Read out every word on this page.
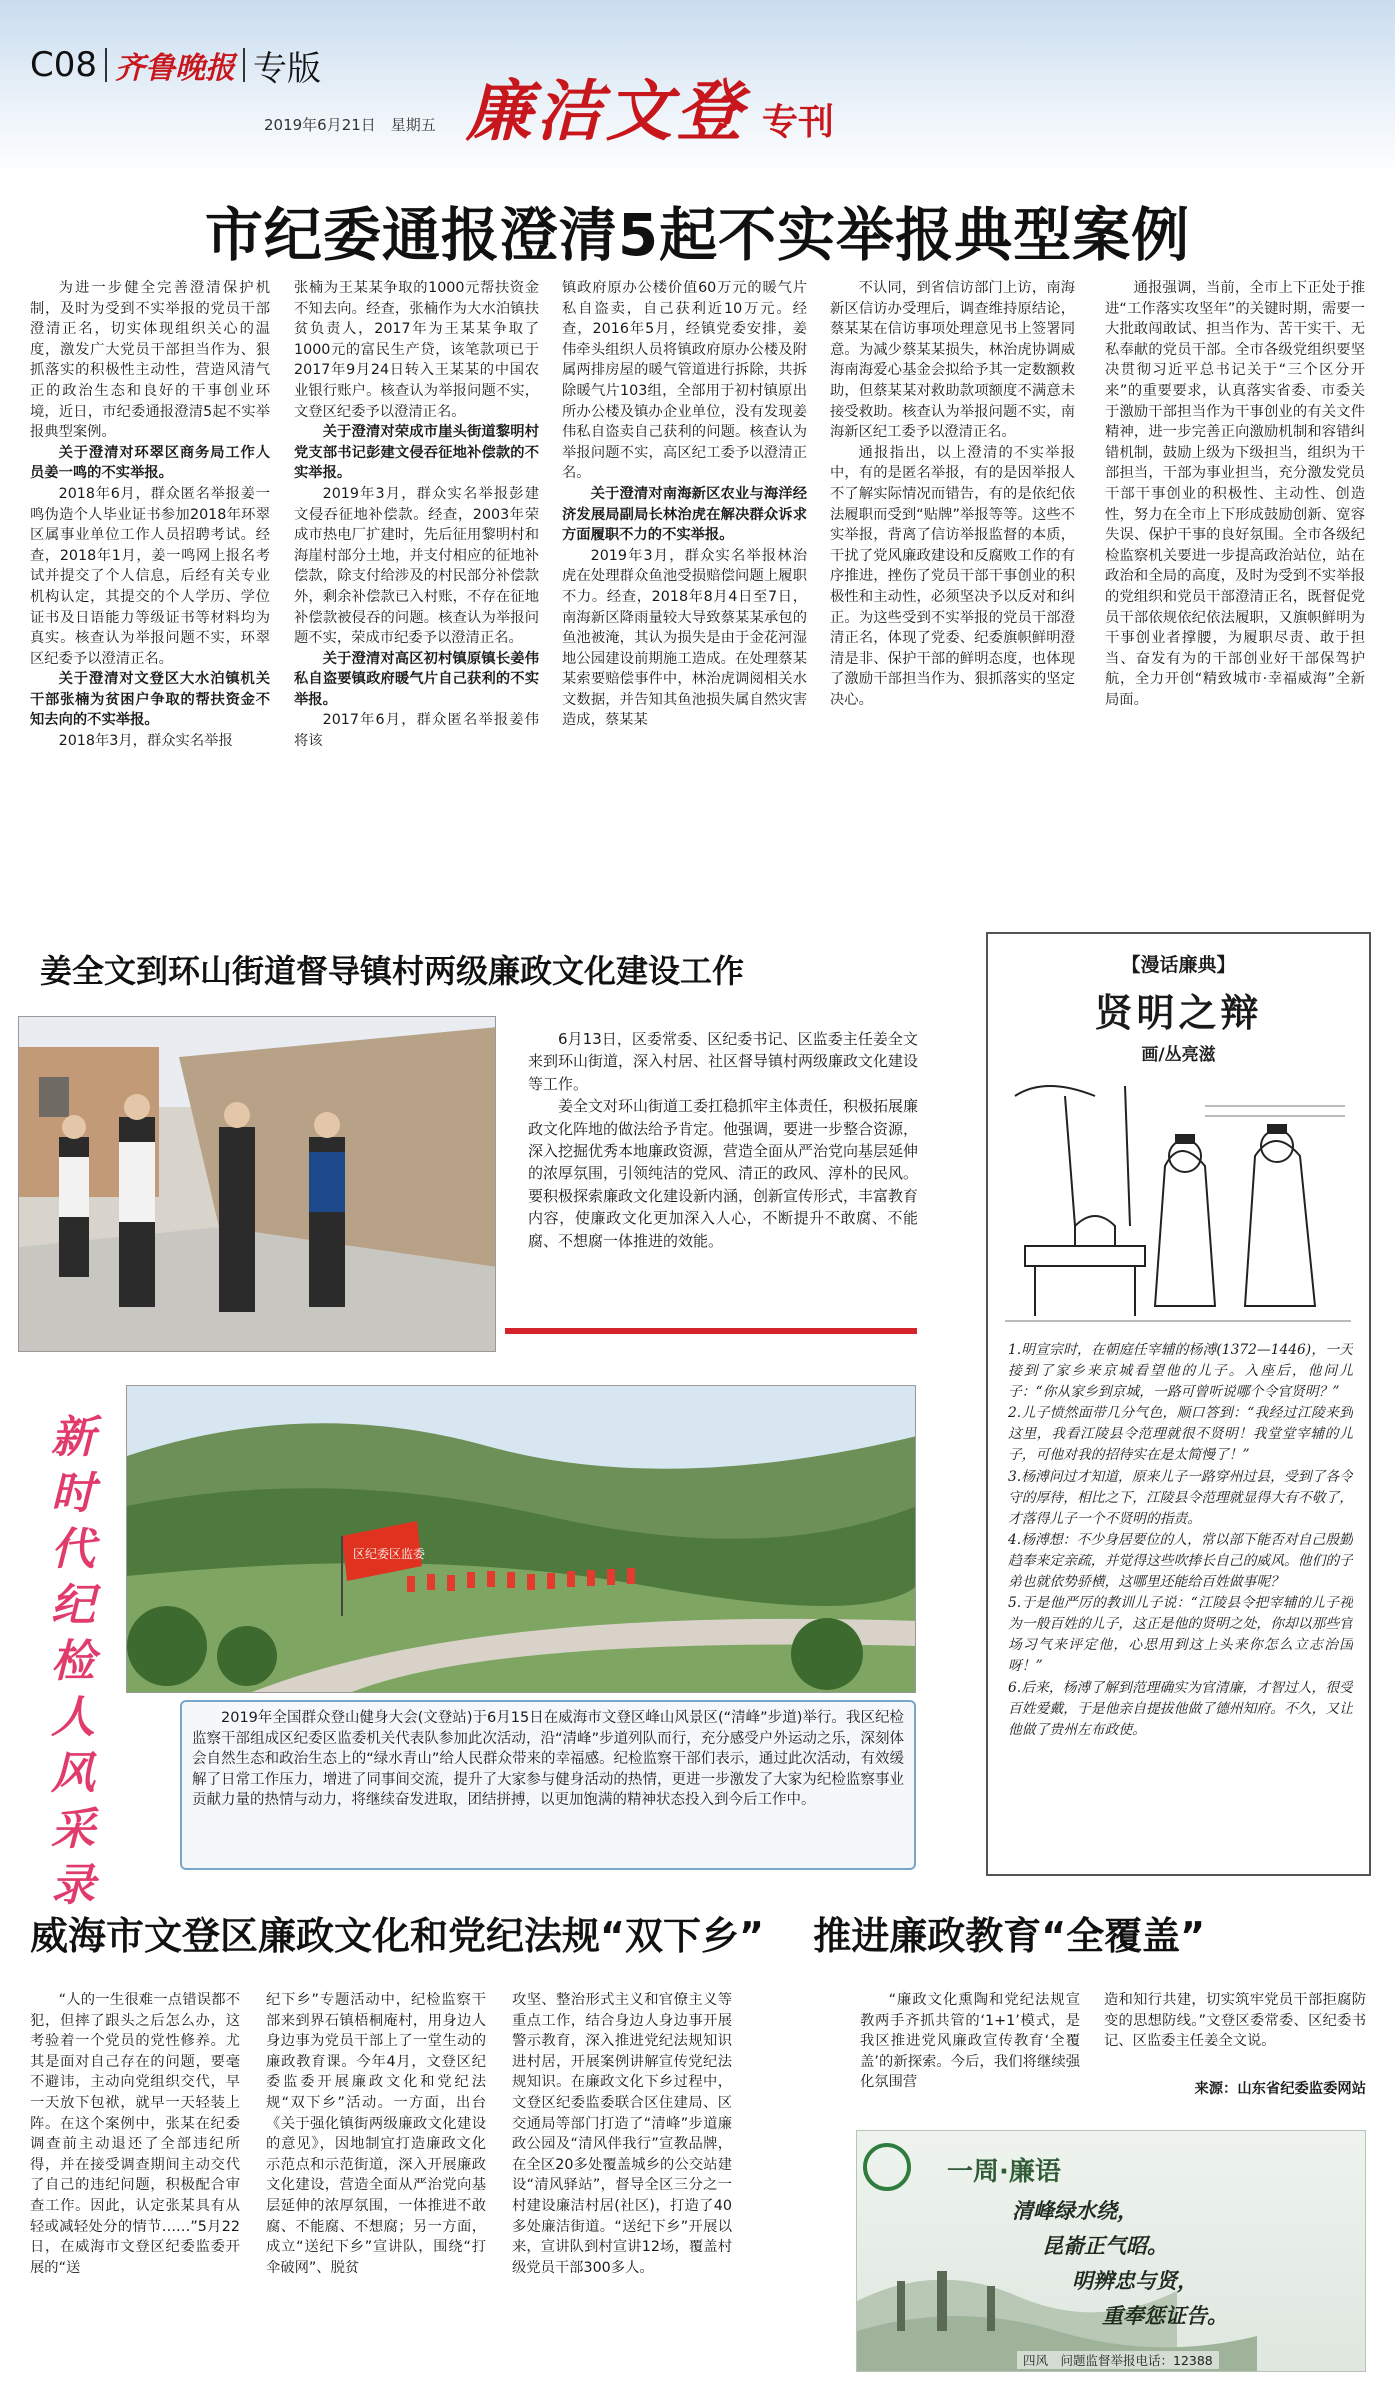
C08 齐鲁晚报 专版
2019年6月21日　星期五 廉洁文登 专刊
市纪委通报澄清5起不实举报典型案例

为进一步健全完善澄清保护机制，及时为受到不实举报的党员干部澄清正名，切实体现组织关心的温度，激发广大党员干部担当作为、狠抓落实的积极性主动性，营造风清气正的政治生态和良好的干事创业环境，近日，市纪委通报澄清5起不实举报典型案例。

关于澄清对环翠区商务局工作人员姜一鸣的不实举报。

2018年6月，群众匿名举报姜一鸣伪造个人毕业证书参加2018年环翠区属事业单位工作人员招聘考试。经查，2018年1月，姜一鸣网上报名考试并提交了个人信息，后经有关专业机构认定，其提交的个人学历、学位证书及日语能力等级证书等材料均为真实。核查认为举报问题不实，环翠区纪委予以澄清正名。

关于澄清对文登区大水泊镇机关干部张楠为贫困户争取的帮扶资金不知去向的不实举报。

2018年3月，群众实名举报

张楠为王某某争取的1000元帮扶资金不知去向。经查，张楠作为大水泊镇扶贫负责人，2017年为王某某争取了1000元的富民生产贷，该笔款项已于2017年9月24日转入王某某的中国农业银行账户。核查认为举报问题不实，文登区纪委予以澄清正名。

关于澄清对荣成市崖头街道黎明村党支部书记彭建文侵吞征地补偿款的不实举报。

2019年3月，群众实名举报彭建文侵吞征地补偿款。经查，2003年荣成市热电厂扩建时，先后征用黎明村和海崖村部分土地，并支付相应的征地补偿款，除支付给涉及的村民部分补偿款外，剩余补偿款已入村账，不存在征地补偿款被侵吞的问题。核查认为举报问题不实，荣成市纪委予以澄清正名。

关于澄清对高区初村镇原镇长姜伟私自盗要镇政府暖气片自己获利的不实举报。

2017年6月，群众匿名举报姜伟将该

镇政府原办公楼价值60万元的暖气片私自盗卖，自己获利近10万元。经查，2016年5月，经镇党委安排，姜伟牵头组织人员将镇政府原办公楼及附属两排房屋的暖气管道进行拆除，共拆除暖气片103组，全部用于初村镇原出所办公楼及镇办企业单位，没有发现姜伟私自盗卖自己获利的问题。核查认为举报问题不实，高区纪工委予以澄清正名。

关于澄清对南海新区农业与海洋经济发展局副局长林治虎在解决群众诉求方面履职不力的不实举报。

2019年3月，群众实名举报林治虎在处理群众鱼池受损赔偿问题上履职不力。经查，2018年8月4日至7日，南海新区降雨量较大导致蔡某某承包的鱼池被淹，其认为损失是由于金花河湿地公园建设前期施工造成。在处理蔡某某索要赔偿事件中，林治虎调阅相关水文数据，并告知其鱼池损失属自然灾害造成，蔡某某

不认同，到省信访部门上访，南海新区信访办受理后，调查维持原结论，蔡某某在信访事项处理意见书上签署同意。为减少蔡某某损失，林治虎协调威海南海爱心基金会拟给予其一定数额救助，但蔡某某对救助款项额度不满意未接受救助。核查认为举报问题不实，南海新区纪工委予以澄清正名。

通报指出，以上澄清的不实举报中，有的是匿名举报，有的是因举报人不了解实际情况而错告，有的是依纪依法履职而受到“贴牌”举报等等。这些不实举报，背离了信访举报监督的本质，干扰了党风廉政建设和反腐败工作的有序推进，挫伤了党员干部干事创业的积极性和主动性，必须坚决予以反对和纠正。为这些受到不实举报的党员干部澄清正名，体现了党委、纪委旗帜鲜明澄清是非、保护干部的鲜明态度，也体现了激励干部担当作为、狠抓落实的坚定决心。

通报强调，当前，全市上下正处于推进“工作落实攻坚年”的关键时期，需要一大批敢闯敢试、担当作为、苦干实干、无私奉献的党员干部。全市各级党组织要坚决贯彻习近平总书记关于“三个区分开来”的重要要求，认真落实省委、市委关于激励干部担当作为干事创业的有关文件精神，进一步完善正向激励机制和容错纠错机制，鼓励上级为下级担当，组织为干部担当，干部为事业担当，充分激发党员干部干事创业的积极性、主动性、创造性，努力在全市上下形成鼓励创新、宽容失误、保护干事的良好氛围。全市各级纪检监察机关要进一步提高政治站位，站在政治和全局的高度，及时为受到不实举报的党组织和党员干部澄清正名，既督促党员干部依规依纪依法履职，又旗帜鲜明为干事创业者撑腰，为履职尽责、敢于担当、奋发有为的干部创业好干部保驾护航，全力开创“精致城市·幸福威海”全新局面。

姜全文到环山街道督导镇村两级廉政文化建设工作

6月13日，区委常委、区纪委书记、区监委主任姜全文来到环山街道，深入村居、社区督导镇村两级廉政文化建设等工作。

姜全文对环山街道工委扛稳抓牢主体责任，积极拓展廉政文化阵地的做法给予肯定。他强调，要进一步整合资源，深入挖掘优秀本地廉政资源，营造全面从严治党向基层延伸的浓厚氛围，引领纯洁的党风、清正的政风、淳朴的民风。要积极探索廉政文化建设新内涵，创新宣传形式，丰富教育内容，使廉政文化更加深入人心，不断提升不敢腐、不能腐、不想腐一体推进的效能。

【漫话廉典】
贤明之辩
画/丛亮滋

1.明宣宗时，在朝庭任宰辅的杨溥(1372—1446)，一天接到了家乡来京城看望他的儿子。入座后，他问儿子：“你从家乡到京城，一路可曾听说哪个令官贤明？”

2.儿子愤然面带几分气色，顺口答到：“我经过江陵来到这里，我看江陵县令范理就很不贤明！我堂堂宰辅的儿子，可他对我的招待实在是太简慢了！”

3.杨溥问过才知道，原来儿子一路穿州过县，受到了各令守的厚待，相比之下，江陵县令范理就显得大有不敬了，才落得儿子一个不贤明的指责。

4.杨溥想：不少身居要位的人，常以部下能否对自己殷勤趋奉来定亲疏，并觉得这些吹捧长自己的威风。他们的子弟也就依势骄横，这哪里还能给百姓做事呢？

5.于是他严厉的教训儿子说：“江陵县令把宰辅的儿子视为一般百姓的儿子，这正是他的贤明之处，你却以那些官场习气来评定他，心思用到这上头来你怎么立志治国呀！”

6.后来，杨溥了解到范理确实为官清廉，才智过人，很受百姓爱戴，于是他亲自提拔他做了德州知府。不久，又让他做了贵州左布政使。

新
时
代
纪
检
人
风
采
录
区纪委区监委

2019年全国群众登山健身大会(文登站)于6月15日在威海市文登区峰山风景区(“清峰”步道)举行。我区纪检监察干部组成区纪委区监委机关代表队参加此次活动，沿“清峰”步道列队而行，充分感受户外运动之乐，深刻体会自然生态和政治生态上的“绿水青山”给人民群众带来的幸福感。纪检监察干部们表示，通过此次活动，有效缓解了日常工作压力，增进了同事间交流，提升了大家参与健身活动的热情，更进一步激发了大家为纪检监察事业贡献力量的热情与动力，将继续奋发进取，团结拼搏，以更加饱满的精神状态投入到今后工作中。

威海市文登区廉政文化和党纪法规“双下乡” 推进廉政教育“全覆盖”

“人的一生很难一点错误都不犯，但摔了跟头之后怎么办，这考验着一个党员的党性修养。尤其是面对自己存在的问题，要毫不避讳，主动向党组织交代，早一天放下包袱，就早一天轻装上阵。在这个案例中，张某在纪委调查前主动退还了全部违纪所得，并在接受调查期间主动交代了自己的违纪问题，积极配合审查工作。因此，认定张某具有从轻或减轻处分的情节……”5月22日，在威海市文登区纪委监委开展的“送

纪下乡”专题活动中，纪检监察干部来到界石镇梧桐庵村，用身边人身边事为党员干部上了一堂生动的廉政教育课。今年4月，文登区纪委监委开展廉政文化和党纪法规“双下乡”活动。一方面，出台《关于强化镇街两级廉政文化建设的意见》，因地制宜打造廉政文化示范点和示范街道，深入开展廉政文化建设，营造全面从严治党向基层延伸的浓厚氛围，一体推进不敢腐、不能腐、不想腐；另一方面，成立“送纪下乡”宣讲队，围绕“打伞破网”、脱贫

攻坚、整治形式主义和官僚主义等重点工作，结合身边人身边事开展警示教育，深入推进党纪法规知识进村居，开展案例讲解宣传党纪法规知识。在廉政文化下乡过程中，文登区纪委监委联合区住建局、区交通局等部门打造了“清峰”步道廉政公园及“清风伴我行”宣教品牌，在全区20多处覆盖城乡的公交站建设“清风驿站”，督导全区三分之一村建设廉洁村居(社区)，打造了40多处廉洁街道。“送纪下乡”开展以来，宣讲队到村宣讲12场，覆盖村级党员干部300多人。

“廉政文化熏陶和党纪法规宣教两手齐抓共管的‘1+1’模式，是我区推进党风廉政宣传教育‘全覆盖’的新探索。今后，我们将继续强化氛围营

造和知行共建，切实筑牢党员干部拒腐防变的思想防线。”文登区委常委、区纪委书记、区监委主任姜全文说。

来源：山东省纪委监委网站
一周·廉语
清峰绿水绕，
昆嵛正气昭。
明辨忠与贤，
重奉惩证告。
四风　问题监督举报电话：12388
